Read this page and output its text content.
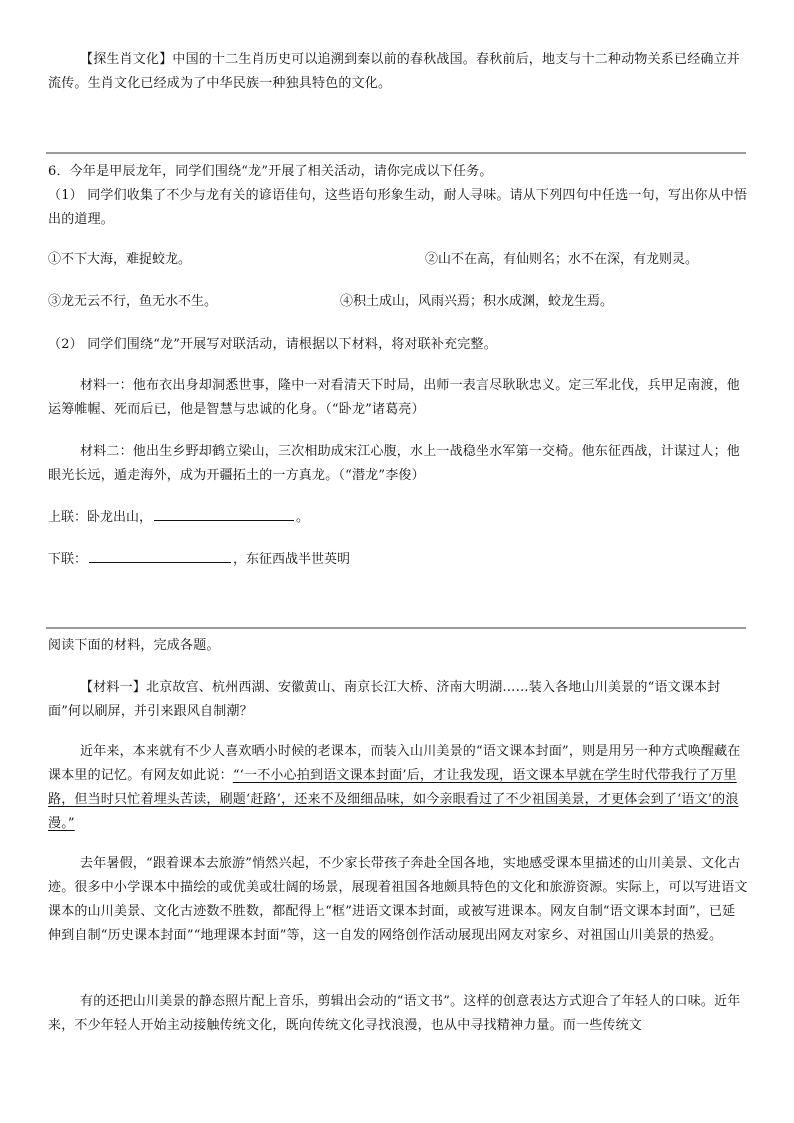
【探生肖文化】中国的十二生肖历史可以追溯到秦以前的春秋战国。春秋前后，地支与十二种动物关系已经确立并流传。生肖文化已经成为了中华民族一种独具特色的文化。

6．今年是甲辰龙年，同学们围绕“龙”开展了相关活动，请你完成以下任务。

（1） 同学们收集了不少与龙有关的谚语佳句，这些语句形象生动，耐人寻味。请从下列四句中任选一句，写出你从中悟出的道理。

①不下大海，难捉蛟龙。	②山不在高，有仙则名；水不在深，有龙则灵。
③龙无云不行，鱼无水不生。	④积土成山，风雨兴焉；积水成渊，蛟龙生焉。

（2） 同学们围绕“龙”开展写对联活动，请根据以下材料，将对联补充完整。

材料一：他布衣出身却洞悉世事，隆中一对看清天下时局，出师一表言尽耿耿忠义。定三军北伐，兵甲足南渡，他运筹帷幄、死而后已，他是智慧与忠诚的化身。（“卧龙”诸葛亮）

材料二：他出生乡野却鹤立梁山，三次相助成宋江心腹，水上一战稳坐水军第一交椅。他东征西战，计谋过人；他眼光长远，遁走海外，成为开疆拓土的一方真龙。（“潜龙”李俊）

上联：卧龙出山，	。
下联：	，东征西战半世英明

阅读下面的材料，完成各题。

【材料一】北京故宫、杭州西湖、安徽黄山、南京长江大桥、济南大明湖……装入各地山川美景的“语文课本封面”何以刷屏，并引来跟风自制潮？

近年来，本来就有不少人喜欢晒小时候的老课本，而装入山川美景的“语文课本封面”，则是用另一种方式唤醒藏在课本里的记忆。有网友如此说：“‘一不小心拍到语文课本封面’后，才让我发现，语文课本早就在学生时代带我行了万里路，但当时只忙着埋头苦读，刷题‘赶路’，还来不及细细品味，如今亲眼看过了不少祖国美景，才更体会到了‘语文’的浪漫。”

去年暑假，“跟着课本去旅游”悄然兴起，不少家长带孩子奔赴全国各地，实地感受课本里描述的山川美景、文化古迹。很多中小学课本中描绘的或优美或壮阔的场景，展现着祖国各地颇具特色的文化和旅游资源。实际上，可以写进语文课本的山川美景、文化古迹数不胜数，都配得上“框”进语文课本封面，或被写进课本。网友自制“语文课本封面”，已延伸到自制“历史课本封面”“地理课本封面”等，这一自发的网络创作活动展现出网友对家乡、对祖国山川美景的热爱。

有的还把山川美景的静态照片配上音乐，剪辑出会动的“语文书”。这样的创意表达方式迎合了年轻人的口味。近年来，不少年轻人开始主动接触传统文化，既向传统文化寻找浪漫，也从中寻找精神力量。而一些传统文
